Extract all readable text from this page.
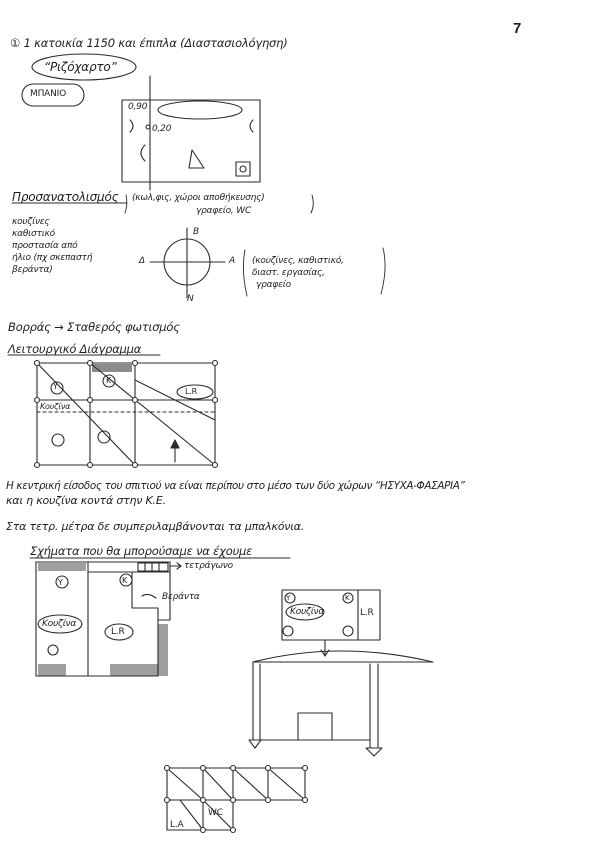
7
① 1 κατοικία 1150 και έπιπλα (Διαστασιολόγηση)
“Ριζόχαρτο”
ΜΠΑΝΙΟ
0,90
0,20
Προσανατολισμός (κωλ,φις, χώροι αποθήκευσης)
γραφείο, WC
κουζίνες
καθιστικό
προστασία από
ήλιο (πχ σκεπαστή
βεράντα)
Β
Ν
Δ	Α (κουζίνες, καθιστικό,
διαστ. εργασίας,
γραφείο
Βορράς → Σταθερός φωτισμός
Λειτουργικό Διάγραμμα
Υ
Κ
L.R
Κουζίνα
Η κεντρική είσοδος του σπιτιού να είναι περίπου στο μέσο των δύο χώρων “ΗΣΥΧΑ-ΦΑΣΑΡΙΑ”
και η κουζίνα κοντά στην Κ.Ε.
Στα τετρ. μέτρα δε συμπεριλαμβάνονται τα μπαλκόνια.
Σχήματα που θα μπορούσαμε να έχουμε
τετράγωνο
Βεράντα
Υ	Κ
Κουζίνα
L.R
Κουζίνα	L.R
Υ	Κ
WC
L.A
